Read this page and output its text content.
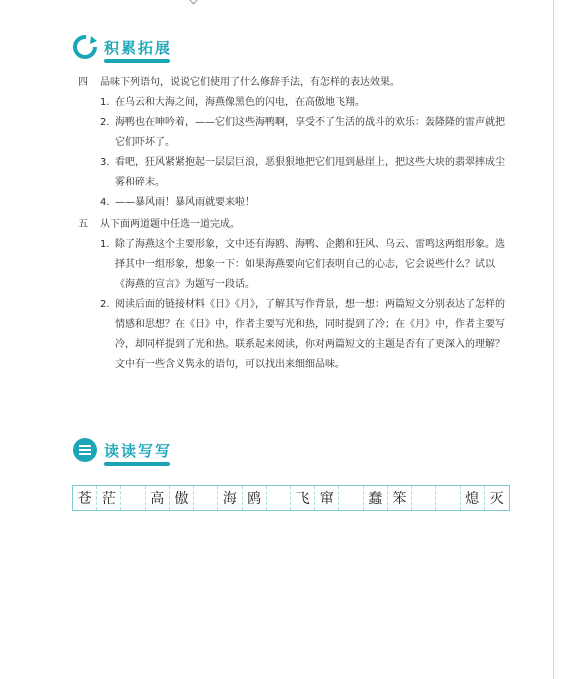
积累拓展
四 品味下列语句，说说它们使用了什么修辞手法，有怎样的表达效果。
1. 在乌云和大海之间，海燕像黑色的闪电，在高傲地飞翔。
2. 海鸭也在呻吟着，——它们这些海鸭啊，享受不了生活的战斗的欢乐：轰隆隆的雷声就把它们吓坏了。
3. 看吧，狂风紧紧抱起一层层巨浪，恶狠狠地把它们甩到悬崖上，把这些大块的翡翠摔成尘雾和碎末。
4. ——暴风雨！暴风雨就要来啦！
五 从下面两道题中任选一道完成。
1. 除了海燕这个主要形象，文中还有海鸥、海鸭、企鹅和狂风、乌云、雷鸣这两组形象。选择其中一组形象，想象一下：如果海燕要向它们表明自己的心志，它会说些什么？试以《海燕的宣言》为题写一段话。
2. 阅读后面的链接材料《日》《月》，了解其写作背景，想一想：两篇短文分别表达了怎样的情感和思想？在《日》中，作者主要写光和热，同时提到了冷；在《月》中，作者主要写冷，却同样提到了光和热。联系起来阅读，你对两篇短文的主题是否有了更深入的理解？文中有一些含义隽永的语句，可以找出来细细品味。
读读写写
苍 茫	高 傲	海 鸥	飞 窜	蠢 笨	熄 灭
